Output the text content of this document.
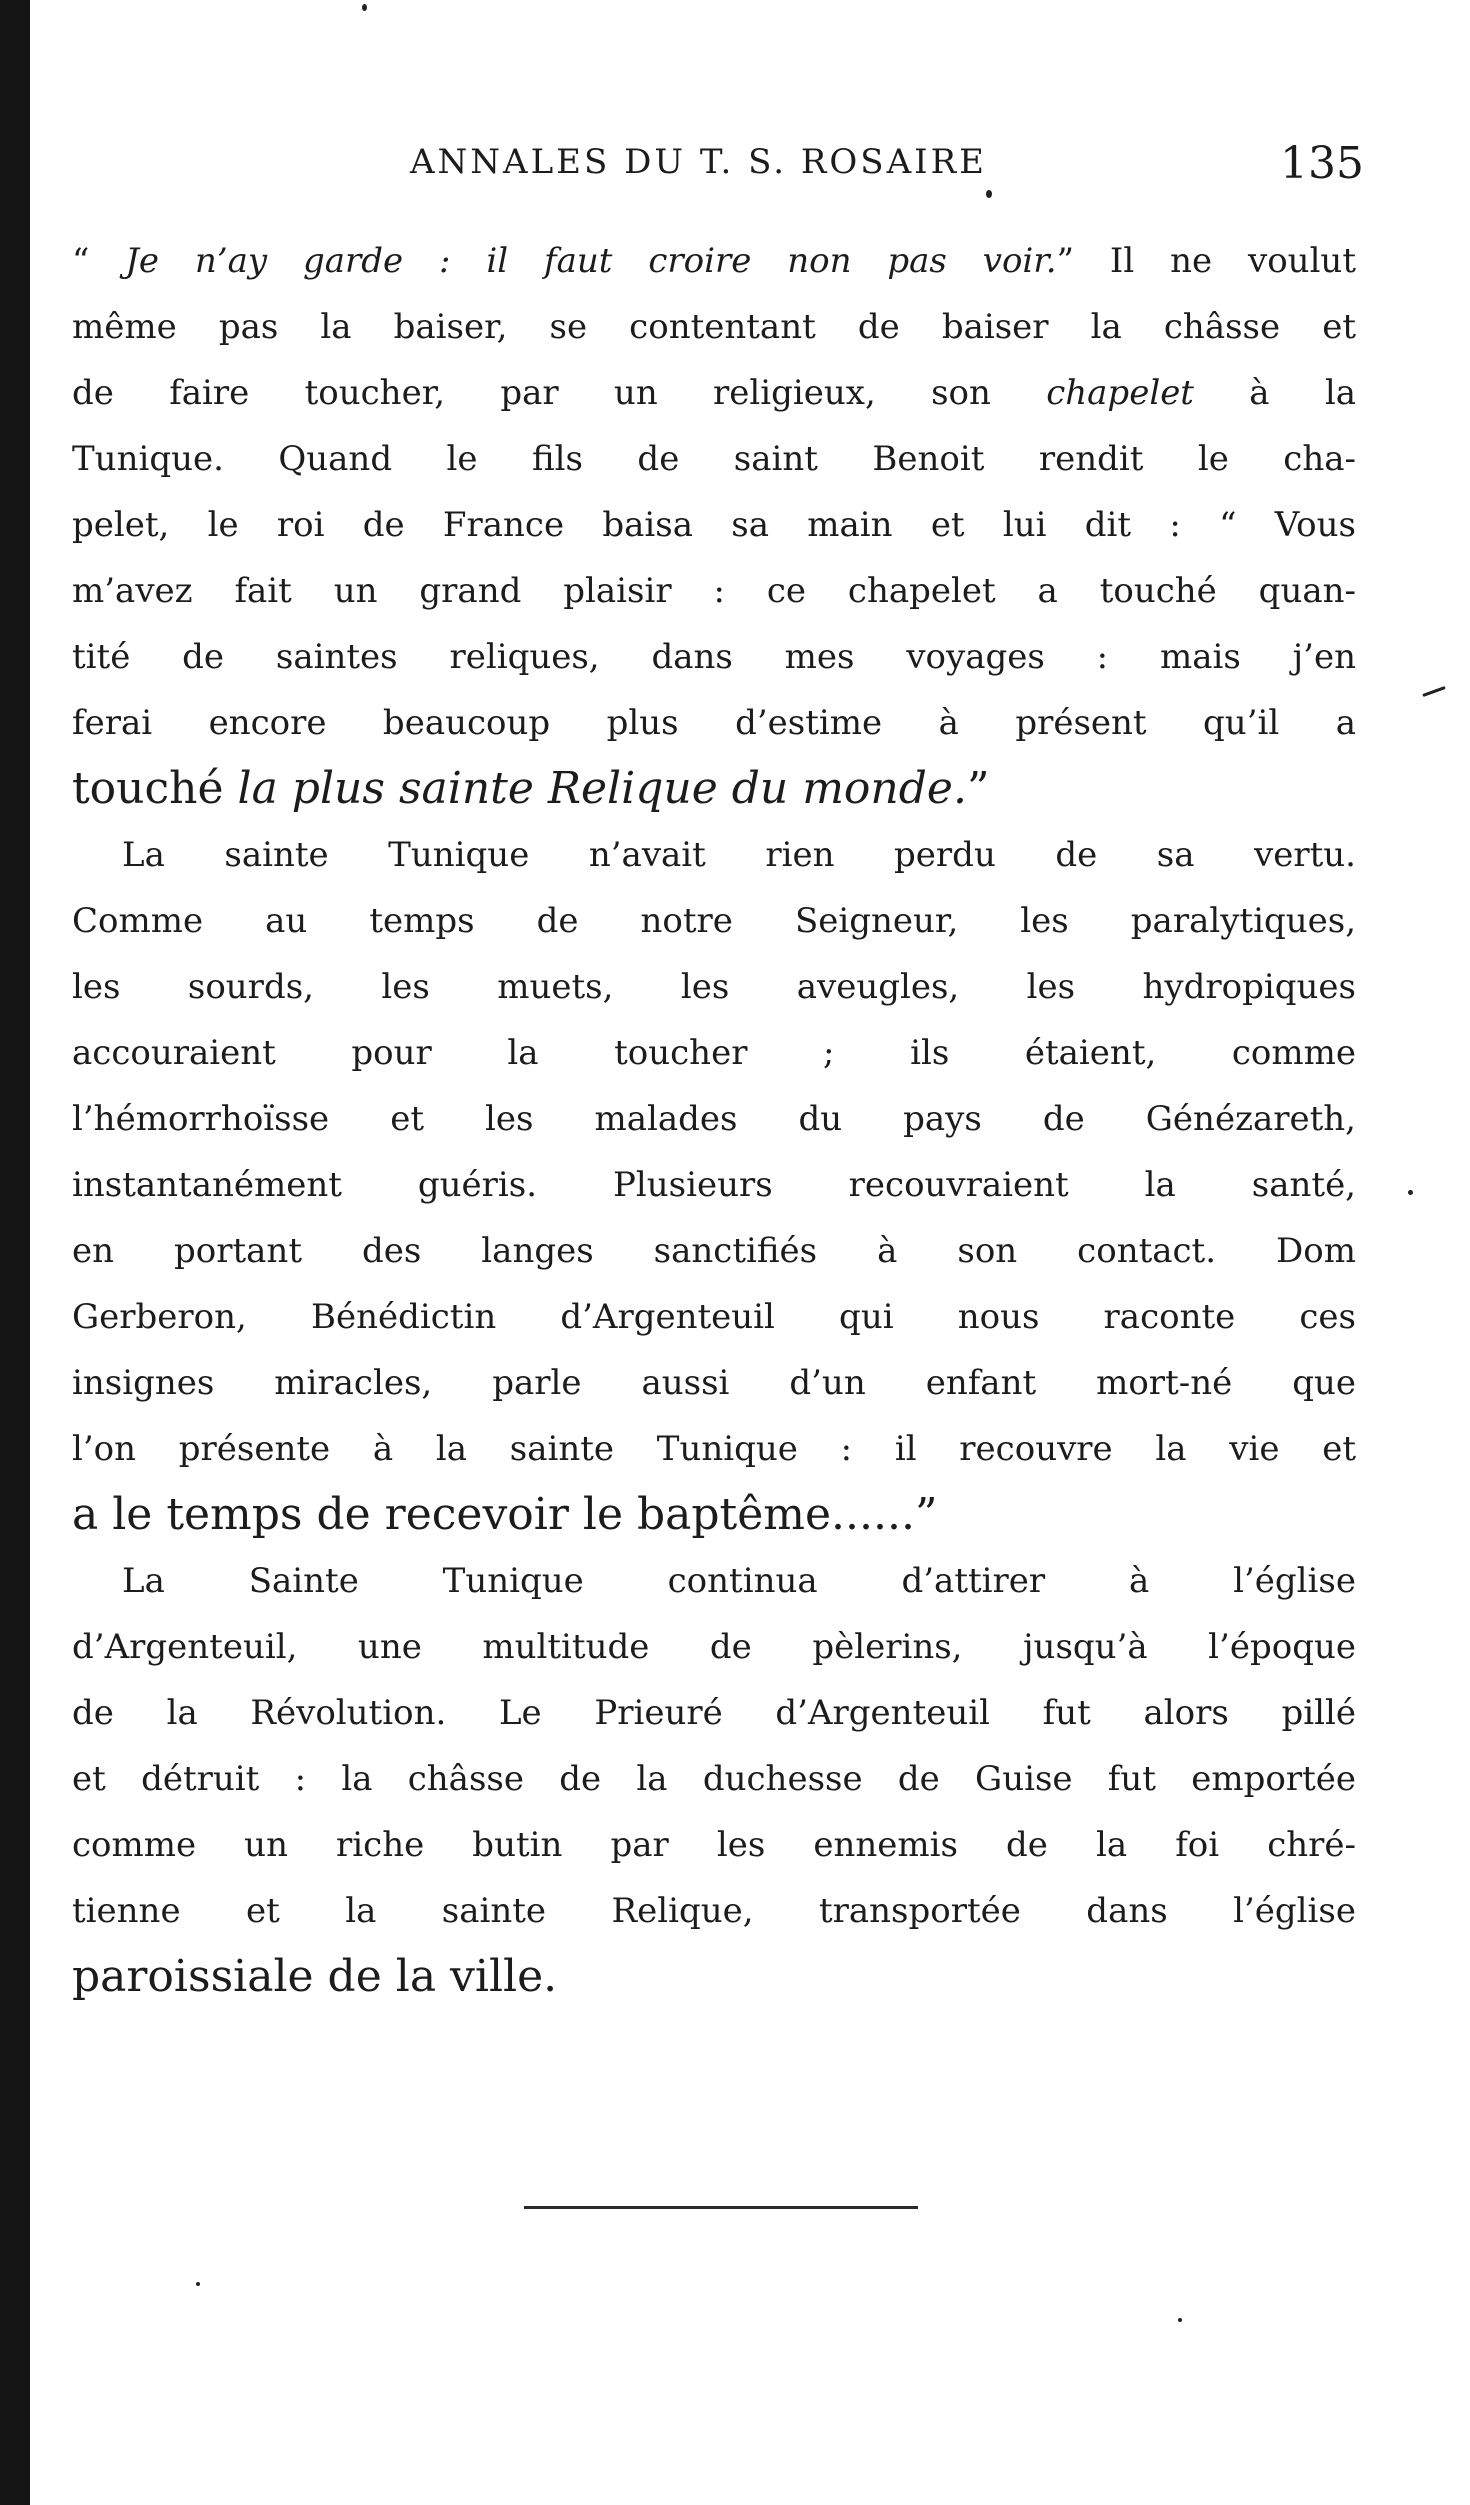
ANNALES DU T. S. ROSAIRE	135
“ Je n’ay garde : il faut croire non pas voir.” Il ne voulut
même pas la baiser, se contentant de baiser la châsse et
de faire toucher, par un religieux, son chapelet à la
Tunique. Quand le fils de saint Benoit rendit le cha-
pelet, le roi de France baisa sa main et lui dit : “ Vous
m’avez fait un grand plaisir : ce chapelet a touché quan-
tité de saintes reliques, dans mes voyages : mais j’en
ferai encore beaucoup plus d’estime à présent qu’il a
touché la plus sainte Relique du monde.”
La sainte Tunique n’avait rien perdu de sa vertu.
Comme au temps de notre Seigneur, les paralytiques,
les sourds, les muets, les aveugles, les hydropiques
accouraient pour la toucher ; ils étaient, comme
l’hémorrhoïsse et les malades du pays de Génézareth,
instantanément guéris. Plusieurs recouvraient la santé,
en portant des langes sanctifiés à son contact. Dom
Gerberon, Bénédictin d’Argenteuil qui nous raconte ces
insignes miracles, parle aussi d’un enfant mort-né que
l’on présente à la sainte Tunique : il recouvre la vie et
a le temps de recevoir le baptême......”
La Sainte Tunique continua d’attirer à l’église
d’Argenteuil, une multitude de pèlerins, jusqu’à l’époque
de la Révolution. Le Prieuré d’Argenteuil fut alors pillé
et détruit : la châsse de la duchesse de Guise fut emportée
comme un riche butin par les ennemis de la foi chré-
tienne et la sainte Relique, transportée dans l’église
paroissiale de la ville.
